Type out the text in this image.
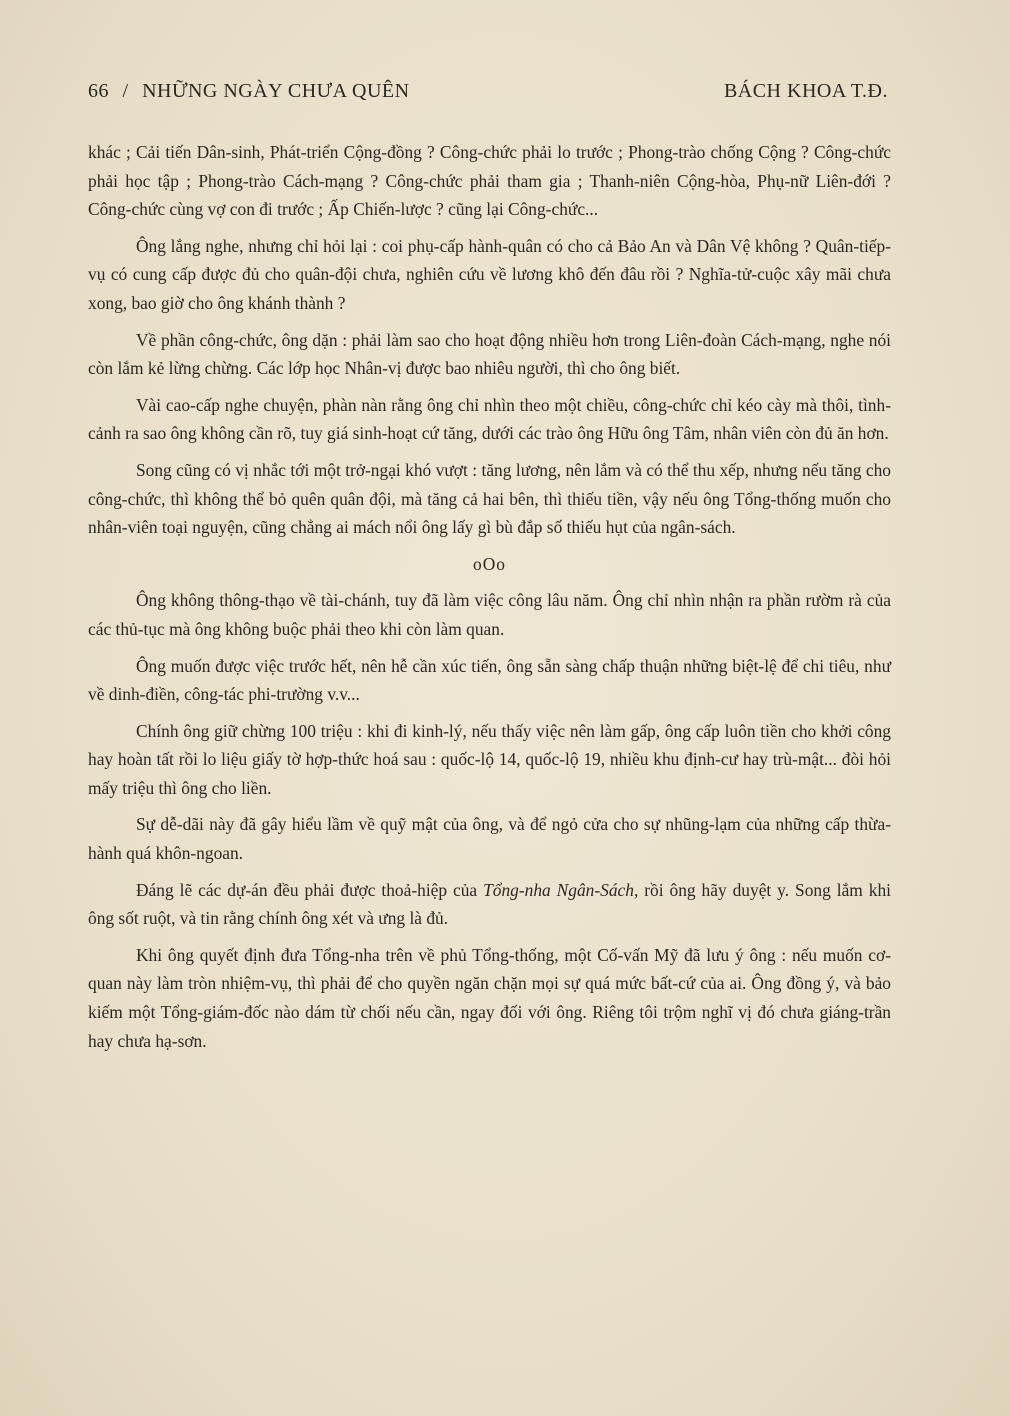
66 / NHỮNG NGÀY CHƯA QUÊN	BÁCH KHOA T.Đ.

khác ; Cải tiến Dân-sinh, Phát-triển Cộng-đồng ? Công-chức phải lo trước ; Phong-trào chống Cộng ? Công-chức phải học tập ; Phong-trào Cách-mạng ? Công-chức phải tham gia ; Thanh-niên Cộng-hòa, Phụ-nữ Liên-đới ? Công-chức cùng vợ con đi trước ; Ấp Chiến-lược ? cũng lại Công-chức...

Ông lắng nghe, nhưng chỉ hỏi lại : coi phụ-cấp hành-quân có cho cả Bảo An và Dân Vệ không ? Quân-tiếp-vụ có cung cấp được đủ cho quân-đội chưa, nghiên cứu về lương khô đến đâu rồi ? Nghĩa-tử-cuộc xây mãi chưa xong, bao giờ cho ông khánh thành ?

Về phần công-chức, ông dặn : phải làm sao cho hoạt động nhiều hơn trong Liên-đoàn Cách-mạng, nghe nói còn lắm kẻ lừng chừng. Các lớp học Nhân-vị được bao nhiêu người, thì cho ông biết.

Vài cao-cấp nghe chuyện, phàn nàn rằng ông chỉ nhìn theo một chiều, công-chức chỉ kéo cày mà thôi, tình-cảnh ra sao ông không cần rõ, tuy giá sinh-hoạt cứ tăng, dưới các trào ông Hữu ông Tâm, nhân viên còn đủ ăn hơn.

Song cũng có vị nhắc tới một trở-ngại khó vượt : tăng lương, nên lắm và có thể thu xếp, nhưng nếu tăng cho công-chức, thì không thể bỏ quên quân đội, mà tăng cả hai bên, thì thiếu tiền, vậy nếu ông Tổng-thống muốn cho nhân-viên toại nguyện, cũng chẳng ai mách nổi ông lấy gì bù đắp số thiếu hụt của ngân-sách.

oOo

Ông không thông-thạo về tài-chánh, tuy đã làm việc công lâu năm. Ông chỉ nhìn nhận ra phần rườm rà của các thủ-tục mà ông không buộc phải theo khi còn làm quan.

Ông muốn được việc trước hết, nên hễ cần xúc tiến, ông sẵn sàng chấp thuận những biệt-lệ để chi tiêu, như về dinh-điền, công-tác phi-trường v.v...

Chính ông giữ chừng 100 triệu : khi đi kinh-lý, nếu thấy việc nên làm gấp, ông cấp luôn tiền cho khởi công hay hoàn tất rồi lo liệu giấy tờ hợp-thức hoá sau : quốc-lộ 14, quốc-lộ 19, nhiều khu định-cư hay trù-mật... đòi hỏi mấy triệu thì ông cho liền.

Sự dễ-dãi này đã gây hiểu lầm về quỹ mật của ông, và để ngỏ cửa cho sự nhũng-lạm của những cấp thừa-hành quá khôn-ngoan.

Đáng lẽ các dự-án đều phải được thoả-hiệp của Tổng-nha Ngân-Sách, rồi ông hãy duyệt y. Song lắm khi ông sốt ruột, và tin rằng chính ông xét và ưng là đủ.

Khi ông quyết định đưa Tổng-nha trên về phủ Tổng-thống, một Cố-vấn Mỹ đã lưu ý ông : nếu muốn cơ-quan này làm tròn nhiệm-vụ, thì phải để cho quyền ngăn chặn mọi sự quá mức bất-cứ của ai. Ông đồng ý, và bảo kiếm một Tổng-giám-đốc nào dám từ chối nếu cần, ngay đối với ông. Riêng tôi trộm nghĩ vị đó chưa giáng-trần hay chưa hạ-sơn.
